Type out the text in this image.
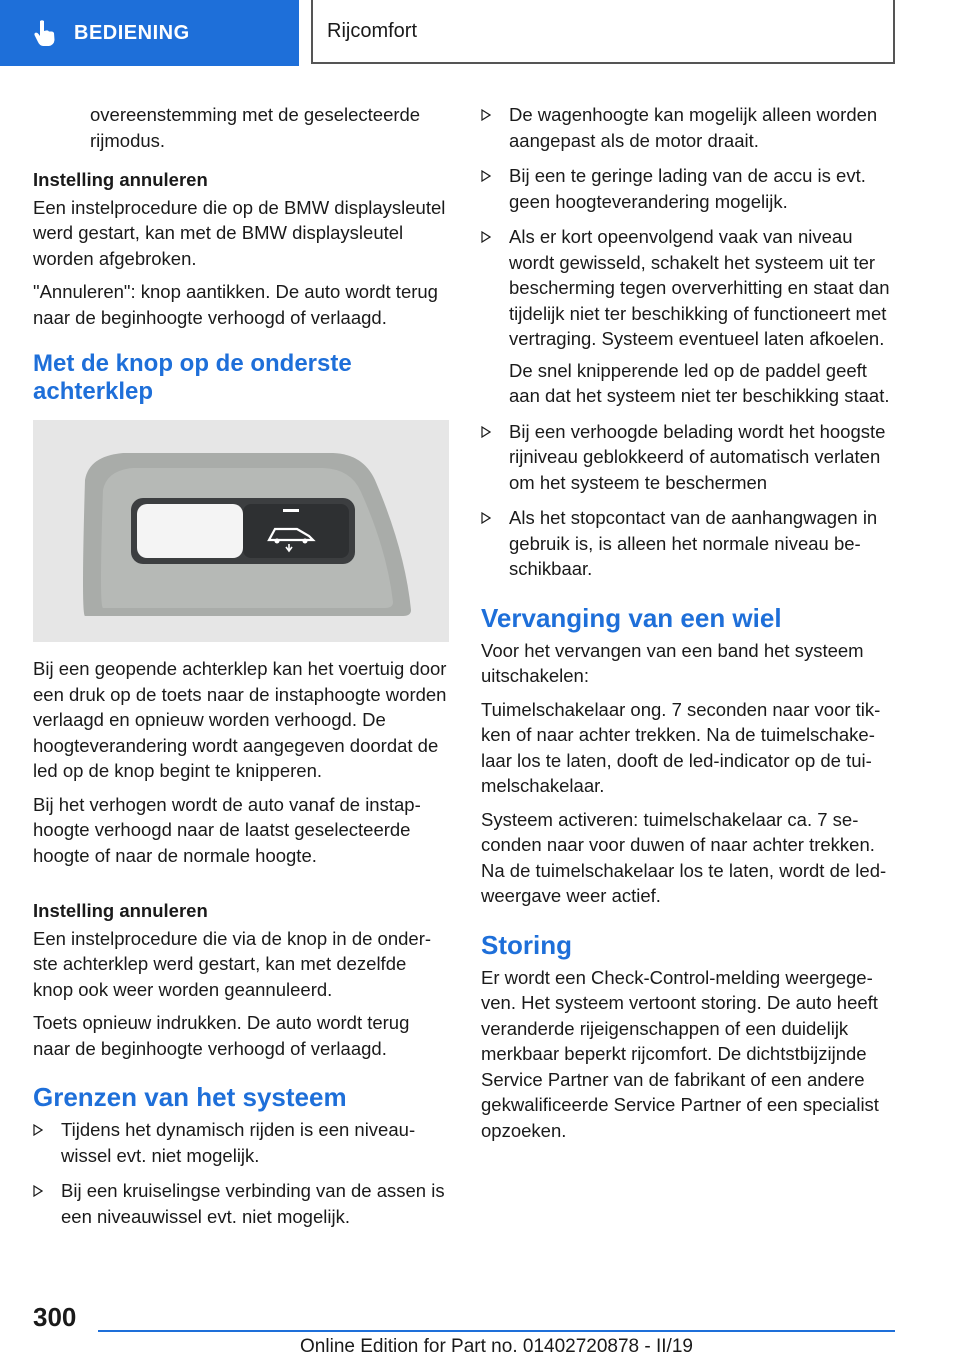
BEDIENING	Rijcomfort

overeenstemming met de geselecteerde rijmodus.

Instelling annuleren

Een instelprocedure die op de BMW displaysleutel werd gestart, kan met de BMW displaysleutel worden afgebroken.

"Annuleren": knop aantikken. De auto wordt terug naar de beginhoogte verhoogd of verlaagd.

Met de knop op de onderste achterklep

Bij een geopende achterklep kan het voertuig door een druk op de toets naar de instaphoogte worden verlaagd en opnieuw worden verhoogd. De hoogteverandering wordt aangegeven doordat de led op de knop begint te knipperen.

Bij het verhogen wordt de auto vanaf de instaphoogte verhoogd naar de laatst geselecteerde hoogte of naar de normale hoogte.

Instelling annuleren

Een instelprocedure die via de knop in de onderste achterklep werd gestart, kan met dezelfde knop ook weer worden geannuleerd.

Toets opnieuw indrukken. De auto wordt terug naar de beginhoogte verhoogd of verlaagd.

Grenzen van het systeem
Tijdens het dynamisch rijden is een niveauwissel evt. niet mogelijk.
Bij een kruiselingse verbinding van de assen is een niveauwissel evt. niet mogelijk.
De wagenhoogte kan mogelijk alleen worden aangepast als de motor draait.
Bij een te geringe lading van de accu is evt. geen hoogteverandering mogelijk.
Als er kort opeenvolgend vaak van niveau wordt gewisseld, schakelt het systeem uit ter bescherming tegen oververhitting en staat dan tijdelijk niet ter beschikking of functioneert met vertraging. Systeem eventueel laten afkoelen.

De snel knipperende led op de paddel geeft aan dat het systeem niet ter beschikking staat.

Bij een verhoogde belading wordt het hoogste rijniveau geblokkeerd of automatisch verlaten om het systeem te beschermen
Als het stopcontact van de aanhangwagen in gebruik is, is alleen het normale niveau beschikbaar.
Vervanging van een wiel

Voor het vervangen van een band het systeem uitschakelen:

Tuimelschakelaar ong. 7 seconden naar voor tikken of naar achter trekken. Na de tuimelschakelaar los te laten, dooft de led-indicator op de tuimelschakelaar.

Systeem activeren: tuimelschakelaar ca. 7 seconden naar voor duwen of naar achter trekken. Na de tuimelschakelaar los te laten, wordt de led-weergave weer actief.

Storing

Er wordt een Check-Control-melding weergegeven. Het systeem vertoont storing. De auto heeft veranderde rijeigenschappen of een duidelijk merkbaar beperkt rijcomfort. De dichtstbijzijnde Service Partner van de fabrikant of een andere gekwalificeerde Service Partner of een specialist opzoeken.

300
Online Edition for Part no. 01402720878 - II/19
